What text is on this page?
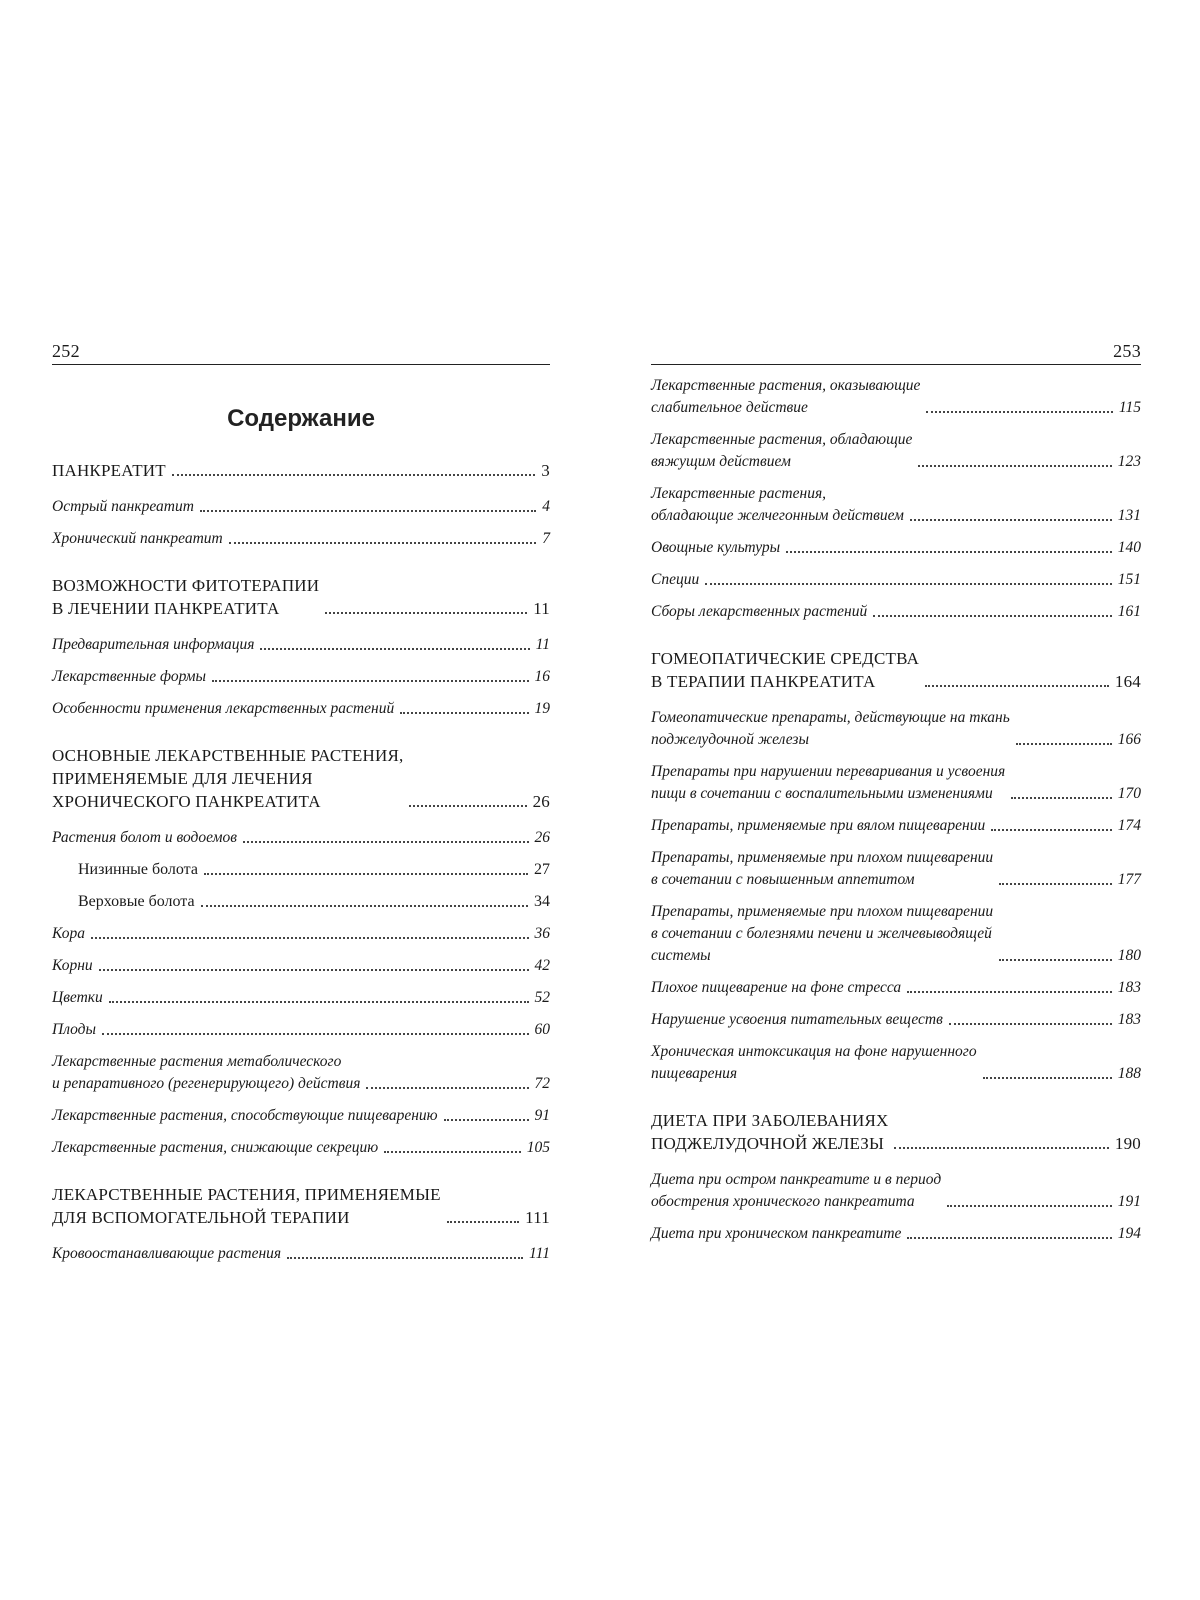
252
Содержание
ПАНКРЕАТИТ	3
Острый панкреатит	4
Хронический панкреатит	7
ВОЗМОЖНОСТИ ФИТОТЕРАПИИ
В ЛЕЧЕНИИ ПАНКРЕАТИТА	11
Предварительная информация	11
Лекарственные формы	16
Особенности применения лекарственных растений	19
ОСНОВНЫЕ ЛЕКАРСТВЕННЫЕ РАСТЕНИЯ,
ПРИМЕНЯЕМЫЕ ДЛЯ ЛЕЧЕНИЯ
ХРОНИЧЕСКОГО ПАНКРЕАТИТА	26
Растения болот и водоемов	26
Низинные болота	27
Верховые болота	34
Кора	36
Корни	42
Цветки	52
Плоды	60
Лекарственные растения метаболического
и репаративного (регенерирующего) действия	72
Лекарственные растения, способствующие пищеварению	91
Лекарственные растения, снижающие секрецию	105
ЛЕКАРСТВЕННЫЕ РАСТЕНИЯ, ПРИМЕНЯЕМЫЕ
ДЛЯ ВСПОМОГАТЕЛЬНОЙ ТЕРАПИИ	111
Кровоостанавливающие растения	111
253
Лекарственные растения, оказывающие
слабительное действие	115
Лекарственные растения, обладающие
вяжущим действием	123
Лекарственные растения,
обладающие желчегонным действием	131
Овощные культуры	140
Специи	151
Сборы лекарственных растений	161
ГОМЕОПАТИЧЕСКИЕ СРЕДСТВА
В ТЕРАПИИ ПАНКРЕАТИТА	164
Гомеопатические препараты, действующие на ткань
поджелудочной железы	166
Препараты при нарушении переваривания и усвоения
пищи в сочетании с воспалительными изменениями	170
Препараты, применяемые при вялом пищеварении	174
Препараты, применяемые при плохом пищеварении
в сочетании с повышенным аппетитом	177
Препараты, применяемые при плохом пищеварении
в сочетании с болезнями печени и желчевыводящей
системы	180
Плохое пищеварение на фоне стресса	183
Нарушение усвоения питательных веществ	183
Хроническая интоксикация на фоне нарушенного
пищеварения	188
ДИЕТА ПРИ ЗАБОЛЕВАНИЯХ
ПОДЖЕЛУДОЧНОЙ ЖЕЛЕЗЫ	190
Диета при остром панкреатите и в период
обострения хронического панкреатита	191
Диета при хроническом панкреатите	194
